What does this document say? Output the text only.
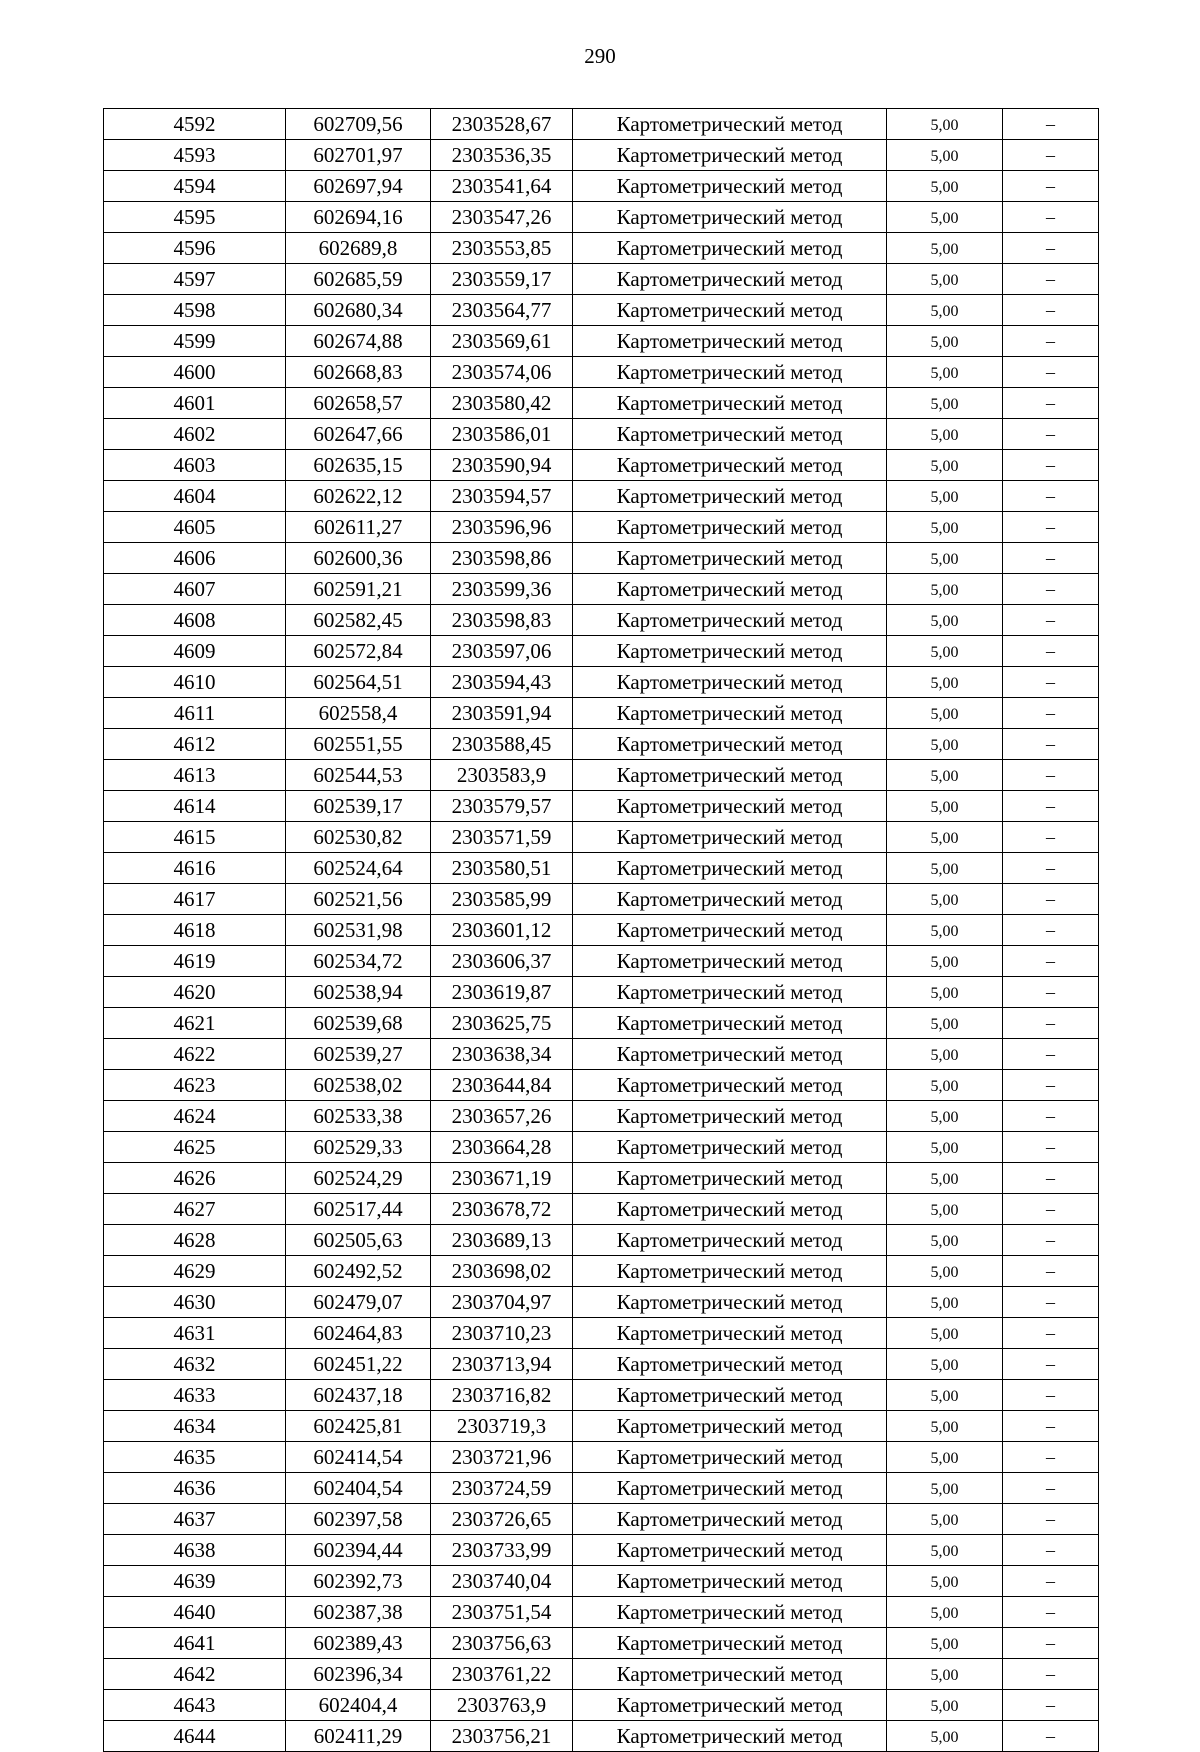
290
4592	602709,56	2303528,67	Картометрический метод	5,00	–
4593	602701,97	2303536,35	Картометрический метод	5,00	–
4594	602697,94	2303541,64	Картометрический метод	5,00	–
4595	602694,16	2303547,26	Картометрический метод	5,00	–
4596	602689,8	2303553,85	Картометрический метод	5,00	–
4597	602685,59	2303559,17	Картометрический метод	5,00	–
4598	602680,34	2303564,77	Картометрический метод	5,00	–
4599	602674,88	2303569,61	Картометрический метод	5,00	–
4600	602668,83	2303574,06	Картометрический метод	5,00	–
4601	602658,57	2303580,42	Картометрический метод	5,00	–
4602	602647,66	2303586,01	Картометрический метод	5,00	–
4603	602635,15	2303590,94	Картометрический метод	5,00	–
4604	602622,12	2303594,57	Картометрический метод	5,00	–
4605	602611,27	2303596,96	Картометрический метод	5,00	–
4606	602600,36	2303598,86	Картометрический метод	5,00	–
4607	602591,21	2303599,36	Картометрический метод	5,00	–
4608	602582,45	2303598,83	Картометрический метод	5,00	–
4609	602572,84	2303597,06	Картометрический метод	5,00	–
4610	602564,51	2303594,43	Картометрический метод	5,00	–
4611	602558,4	2303591,94	Картометрический метод	5,00	–
4612	602551,55	2303588,45	Картометрический метод	5,00	–
4613	602544,53	2303583,9	Картометрический метод	5,00	–
4614	602539,17	2303579,57	Картометрический метод	5,00	–
4615	602530,82	2303571,59	Картометрический метод	5,00	–
4616	602524,64	2303580,51	Картометрический метод	5,00	–
4617	602521,56	2303585,99	Картометрический метод	5,00	–
4618	602531,98	2303601,12	Картометрический метод	5,00	–
4619	602534,72	2303606,37	Картометрический метод	5,00	–
4620	602538,94	2303619,87	Картометрический метод	5,00	–
4621	602539,68	2303625,75	Картометрический метод	5,00	–
4622	602539,27	2303638,34	Картометрический метод	5,00	–
4623	602538,02	2303644,84	Картометрический метод	5,00	–
4624	602533,38	2303657,26	Картометрический метод	5,00	–
4625	602529,33	2303664,28	Картометрический метод	5,00	–
4626	602524,29	2303671,19	Картометрический метод	5,00	–
4627	602517,44	2303678,72	Картометрический метод	5,00	–
4628	602505,63	2303689,13	Картометрический метод	5,00	–
4629	602492,52	2303698,02	Картометрический метод	5,00	–
4630	602479,07	2303704,97	Картометрический метод	5,00	–
4631	602464,83	2303710,23	Картометрический метод	5,00	–
4632	602451,22	2303713,94	Картометрический метод	5,00	–
4633	602437,18	2303716,82	Картометрический метод	5,00	–
4634	602425,81	2303719,3	Картометрический метод	5,00	–
4635	602414,54	2303721,96	Картометрический метод	5,00	–
4636	602404,54	2303724,59	Картометрический метод	5,00	–
4637	602397,58	2303726,65	Картометрический метод	5,00	–
4638	602394,44	2303733,99	Картометрический метод	5,00	–
4639	602392,73	2303740,04	Картометрический метод	5,00	–
4640	602387,38	2303751,54	Картометрический метод	5,00	–
4641	602389,43	2303756,63	Картометрический метод	5,00	–
4642	602396,34	2303761,22	Картометрический метод	5,00	–
4643	602404,4	2303763,9	Картометрический метод	5,00	–
4644	602411,29	2303756,21	Картометрический метод	5,00	–
